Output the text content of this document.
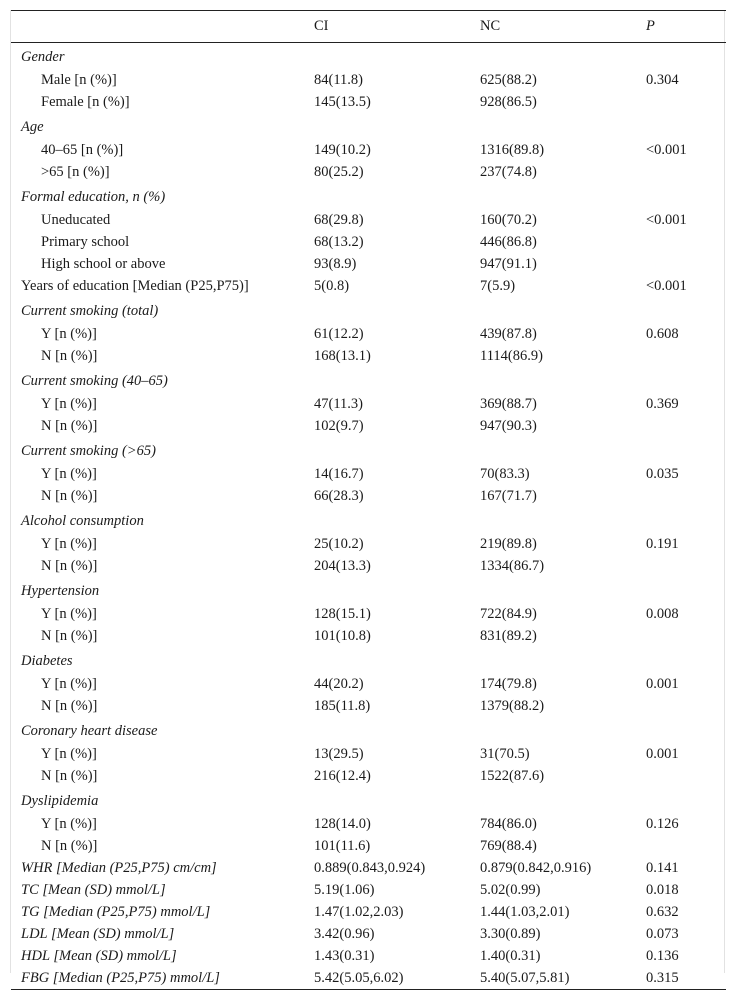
	CI	NC	P
Gender			
Male [n (%)]	84(11.8)	625(88.2)	0.304
Female [n (%)]	145(13.5)	928(86.5)	
Age			
40–65 [n (%)]	149(10.2)	1316(89.8)	<0.001
>65 [n (%)]	80(25.2)	237(74.8)	
Formal education, n (%)			
Uneducated	68(29.8)	160(70.2)	<0.001
Primary school	68(13.2)	446(86.8)	
High school or above	93(8.9)	947(91.1)	
Years of education [Median (P25,P75)]	5(0.8)	7(5.9)	<0.001
Current smoking (total)			
Y [n (%)]	61(12.2)	439(87.8)	0.608
N [n (%)]	168(13.1)	1114(86.9)	
Current smoking (40–65)			
Y [n (%)]	47(11.3)	369(88.7)	0.369
N [n (%)]	102(9.7)	947(90.3)	
Current smoking (>65)			
Y [n (%)]	14(16.7)	70(83.3)	0.035
N [n (%)]	66(28.3)	167(71.7)	
Alcohol consumption			
Y [n (%)]	25(10.2)	219(89.8)	0.191
N [n (%)]	204(13.3)	1334(86.7)	
Hypertension			
Y [n (%)]	128(15.1)	722(84.9)	0.008
N [n (%)]	101(10.8)	831(89.2)	
Diabetes			
Y [n (%)]	44(20.2)	174(79.8)	0.001
N [n (%)]	185(11.8)	1379(88.2)	
Coronary heart disease			
Y [n (%)]	13(29.5)	31(70.5)	0.001
N [n (%)]	216(12.4)	1522(87.6)	
Dyslipidemia			
Y [n (%)]	128(14.0)	784(86.0)	0.126
N [n (%)]	101(11.6)	769(88.4)	
WHR [Median (P25,P75) cm/cm]	0.889(0.843,0.924)	0.879(0.842,0.916)	0.141
TC [Mean (SD) mmol/L]	5.19(1.06)	5.02(0.99)	0.018
TG [Median (P25,P75) mmol/L]	1.47(1.02,2.03)	1.44(1.03,2.01)	0.632
LDL [Mean (SD) mmol/L]	3.42(0.96)	3.30(0.89)	0.073
HDL [Mean (SD) mmol/L]	1.43(0.31)	1.40(0.31)	0.136
FBG [Median (P25,P75) mmol/L]	5.42(5.05,6.02)	5.40(5.07,5.81)	0.315
